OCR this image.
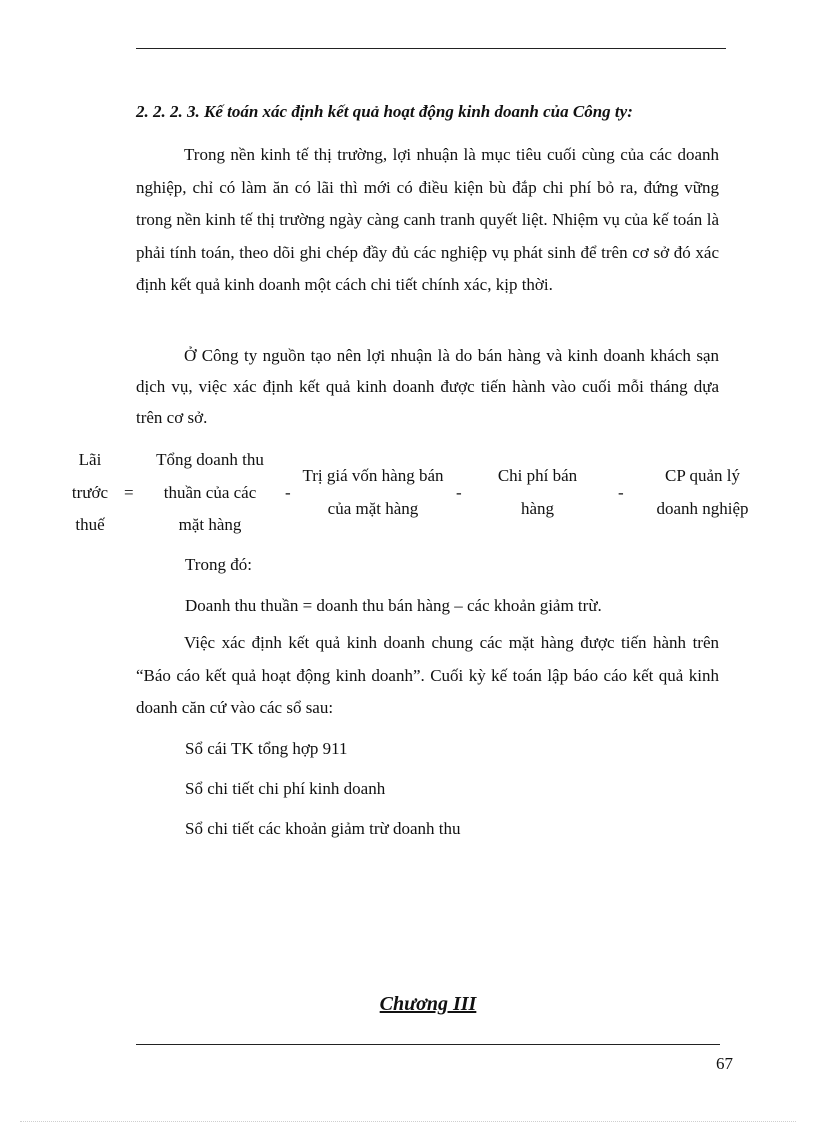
2. 2. 2. 3. Kế toán xác định kết quả hoạt động kinh doanh của Công ty:

Trong nền kinh tế thị trường, lợi nhuận là mục tiêu cuối cùng của các doanh nghiệp, chỉ có làm ăn có lãi thì mới có điều kiện bù đắp chi phí bỏ ra, đứng vững trong nền kinh tế thị trường ngày càng canh tranh quyết liệt. Nhiệm vụ của kế toán là phải tính toán, theo dõi ghi chép đầy đủ các nghiệp vụ phát sinh để trên cơ sở đó xác định kết quả kinh doanh một cách chi tiết chính xác, kịp thời.

Ở Công ty nguồn tạo nên lợi nhuận là do bán hàng và kinh doanh khách sạn dịch vụ, việc xác định kết quả kinh doanh được tiến hành vào cuối mỗi tháng dựa trên cơ sở.

Lãi trước thuế
=
Tổng doanh thu thuần của các mặt hàng
-
Trị giá vốn hàng bán của mặt hàng
-
Chi phí bán hàng
-
CP quản lý doanh nghiệp
Trong đó:
Doanh thu thuần = doanh thu bán hàng – các khoản giảm trừ.

Việc xác định kết quả kinh doanh chung các mặt hàng được tiến hành trên “Báo cáo kết quả hoạt động kinh doanh”. Cuối kỳ kế toán lập báo cáo kết quả kinh doanh căn cứ vào các sổ sau:

Sổ cái TK tổng hợp 911
Sổ chi tiết chi phí kinh doanh
Sổ chi tiết các khoản giảm trừ doanh thu
Chương III
67
